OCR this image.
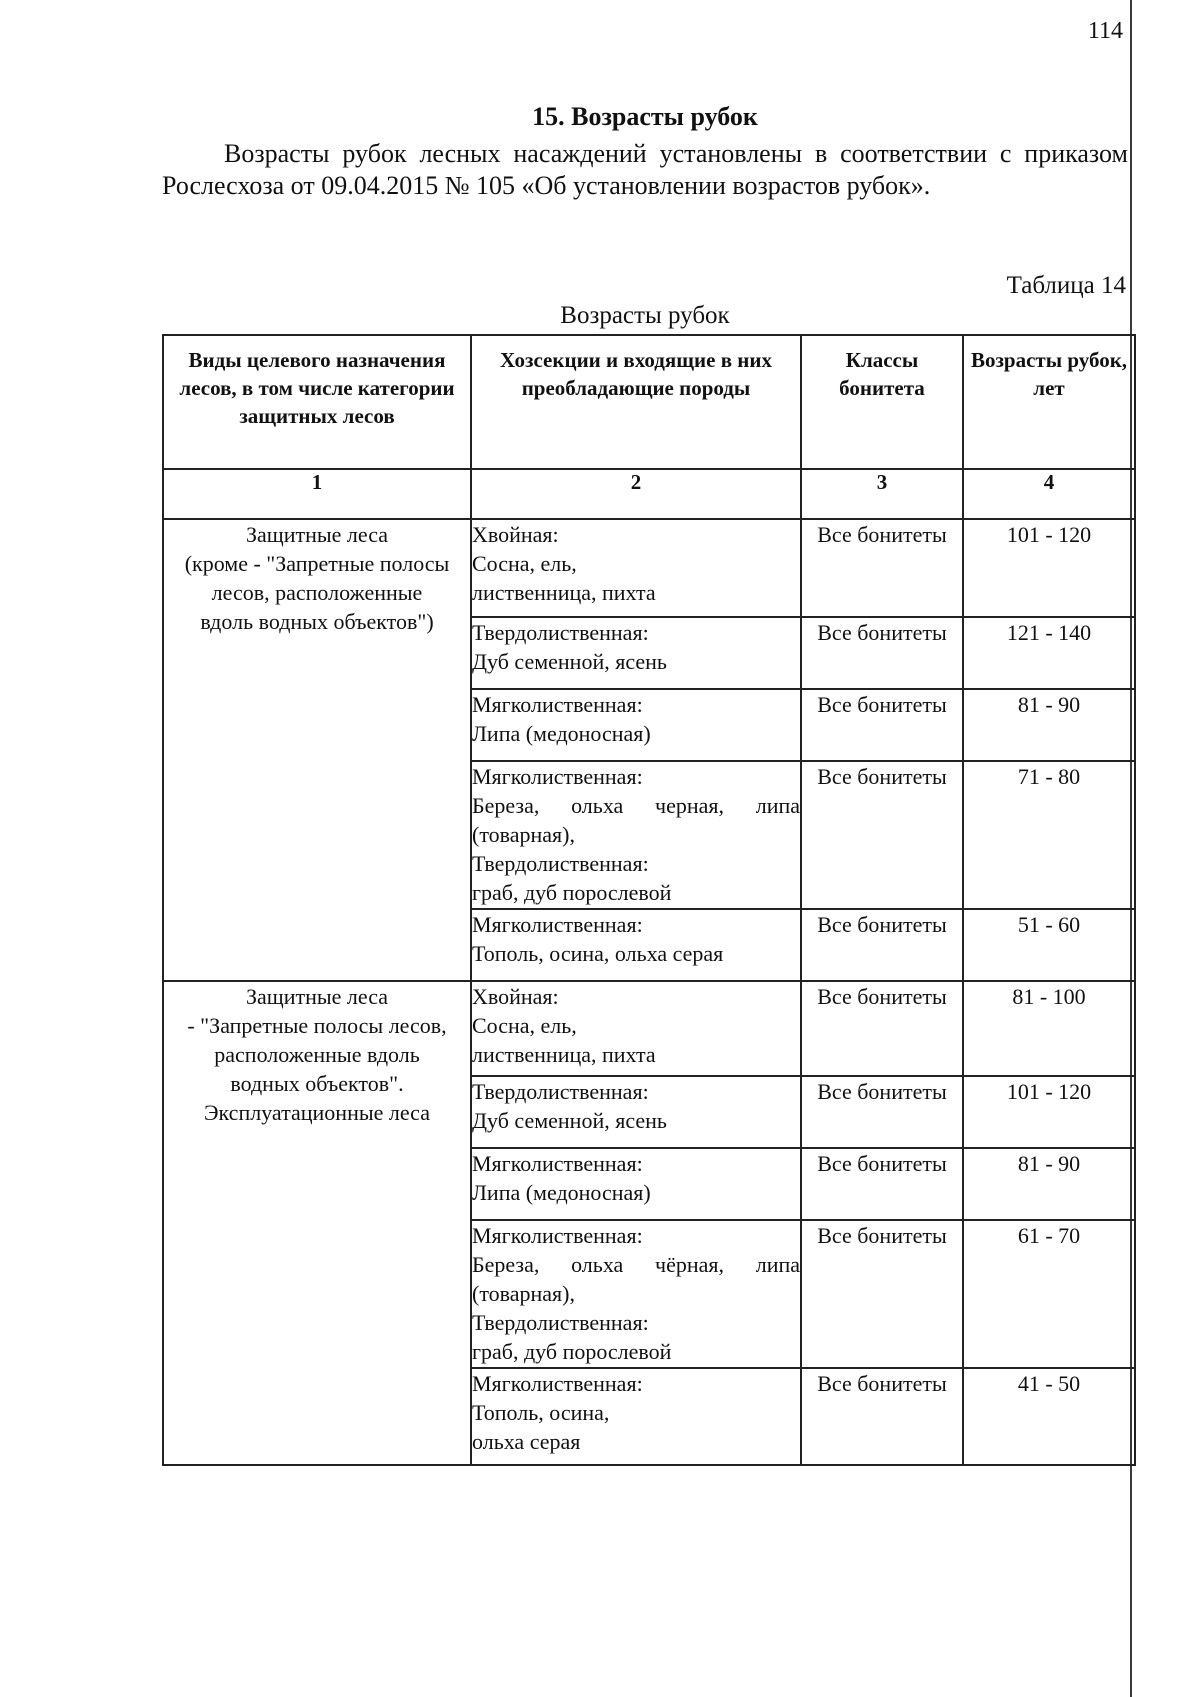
114
15. Возрасты рубок

Возрасты рубок лесных насаждений установлены в соответствии с приказом Рослесхоза от 09.04.2015 № 105 «Об установлении возрастов рубок».

Таблица 14
Возрасты рубок
Виды целевого назначения лесов, в том числе категории защитных лесов	Хозсекции и входящие в них преобладающие породы	Классы бонитета	Возрасты рубок, лет
1	2	3	4

Защитные леса
(кроме - "Запретные полосы
лесов, расположенные
вдоль водных объектов")	Хвойная:
Сосна, ель,
лиственница, пихта	Все бонитеты	101 - 120

	Твердолиственная:
Дуб семенной, ясень	Все бонитеты	121 - 140

	Мягколиственная:
Липа (медоносная)	Все бонитеты	81 - 90

	Мягколиственная:
Береза, ольха черная, липа
(товарная),
Твердолиственная:
граб, дуб порослевой	Все бонитеты	71 - 80

	Мягколиственная:
Тополь, осина, ольха серая	Все бонитеты	51 - 60

Защитные леса
- "Запретные полосы лесов,
расположенные вдоль
водных объектов".
Эксплуатационные леса	Хвойная:
Сосна, ель,
лиственница, пихта	Все бонитеты	81 - 100

	Твердолиственная:
Дуб семенной, ясень	Все бонитеты	101 - 120

	Мягколиственная:
Липа (медоносная)	Все бонитеты	81 - 90

	Мягколиственная:
Береза, ольха чёрная, липа
(товарная),
Твердолиственная:
граб, дуб порослевой	Все бонитеты	61 - 70

	Мягколиственная:
Тополь, осина,
ольха серая	Все бонитеты	41 - 50
